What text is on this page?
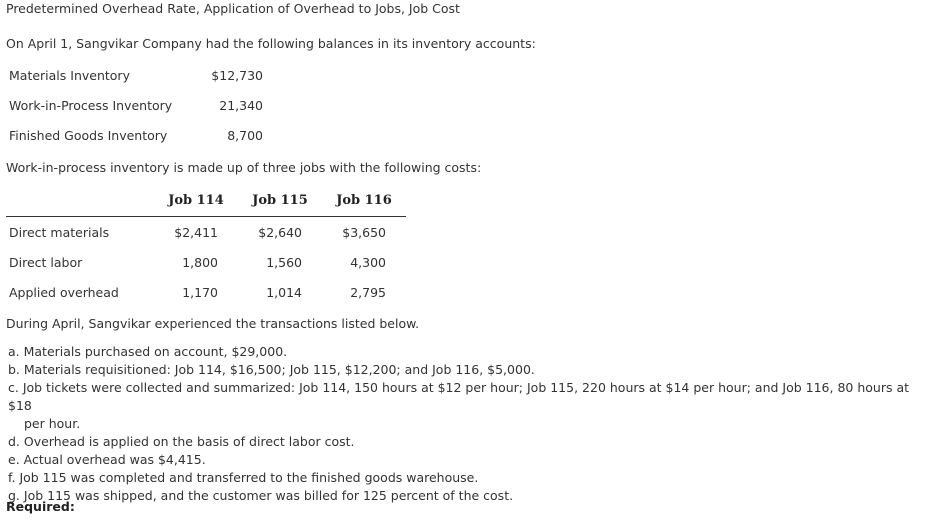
Predetermined Overhead Rate, Application of Overhead to Jobs, Job Cost
On April 1, Sangvikar Company had the following balances in its inventory accounts:
Materials Inventory	$12,730
Work-in-Process Inventory	21,340
Finished Goods Inventory	8,700
Work-in-process inventory is made up of three jobs with the following costs:
Job 114	Job 115	Job 116
Direct materials	$2,411	$2,640	$3,650
Direct labor	1,800	1,560	4,300
Applied overhead	1,170	1,014	2,795
During April, Sangvikar experienced the transactions listed below.
a. Materials purchased on account, $29,000.
b. Materials requisitioned: Job 114, $16,500; Job 115, $12,200; and Job 116, $5,000.
c. Job tickets were collected and summarized: Job 114, 150 hours at $12 per hour; Job 115, 220 hours at $14 per hour; and Job 116, 80 hours at $18
per hour.
d. Overhead is applied on the basis of direct labor cost.
e. Actual overhead was $4,415.
f. Job 115 was completed and transferred to the finished goods warehouse.
g. Job 115 was shipped, and the customer was billed for 125 percent of the cost.
Required:
